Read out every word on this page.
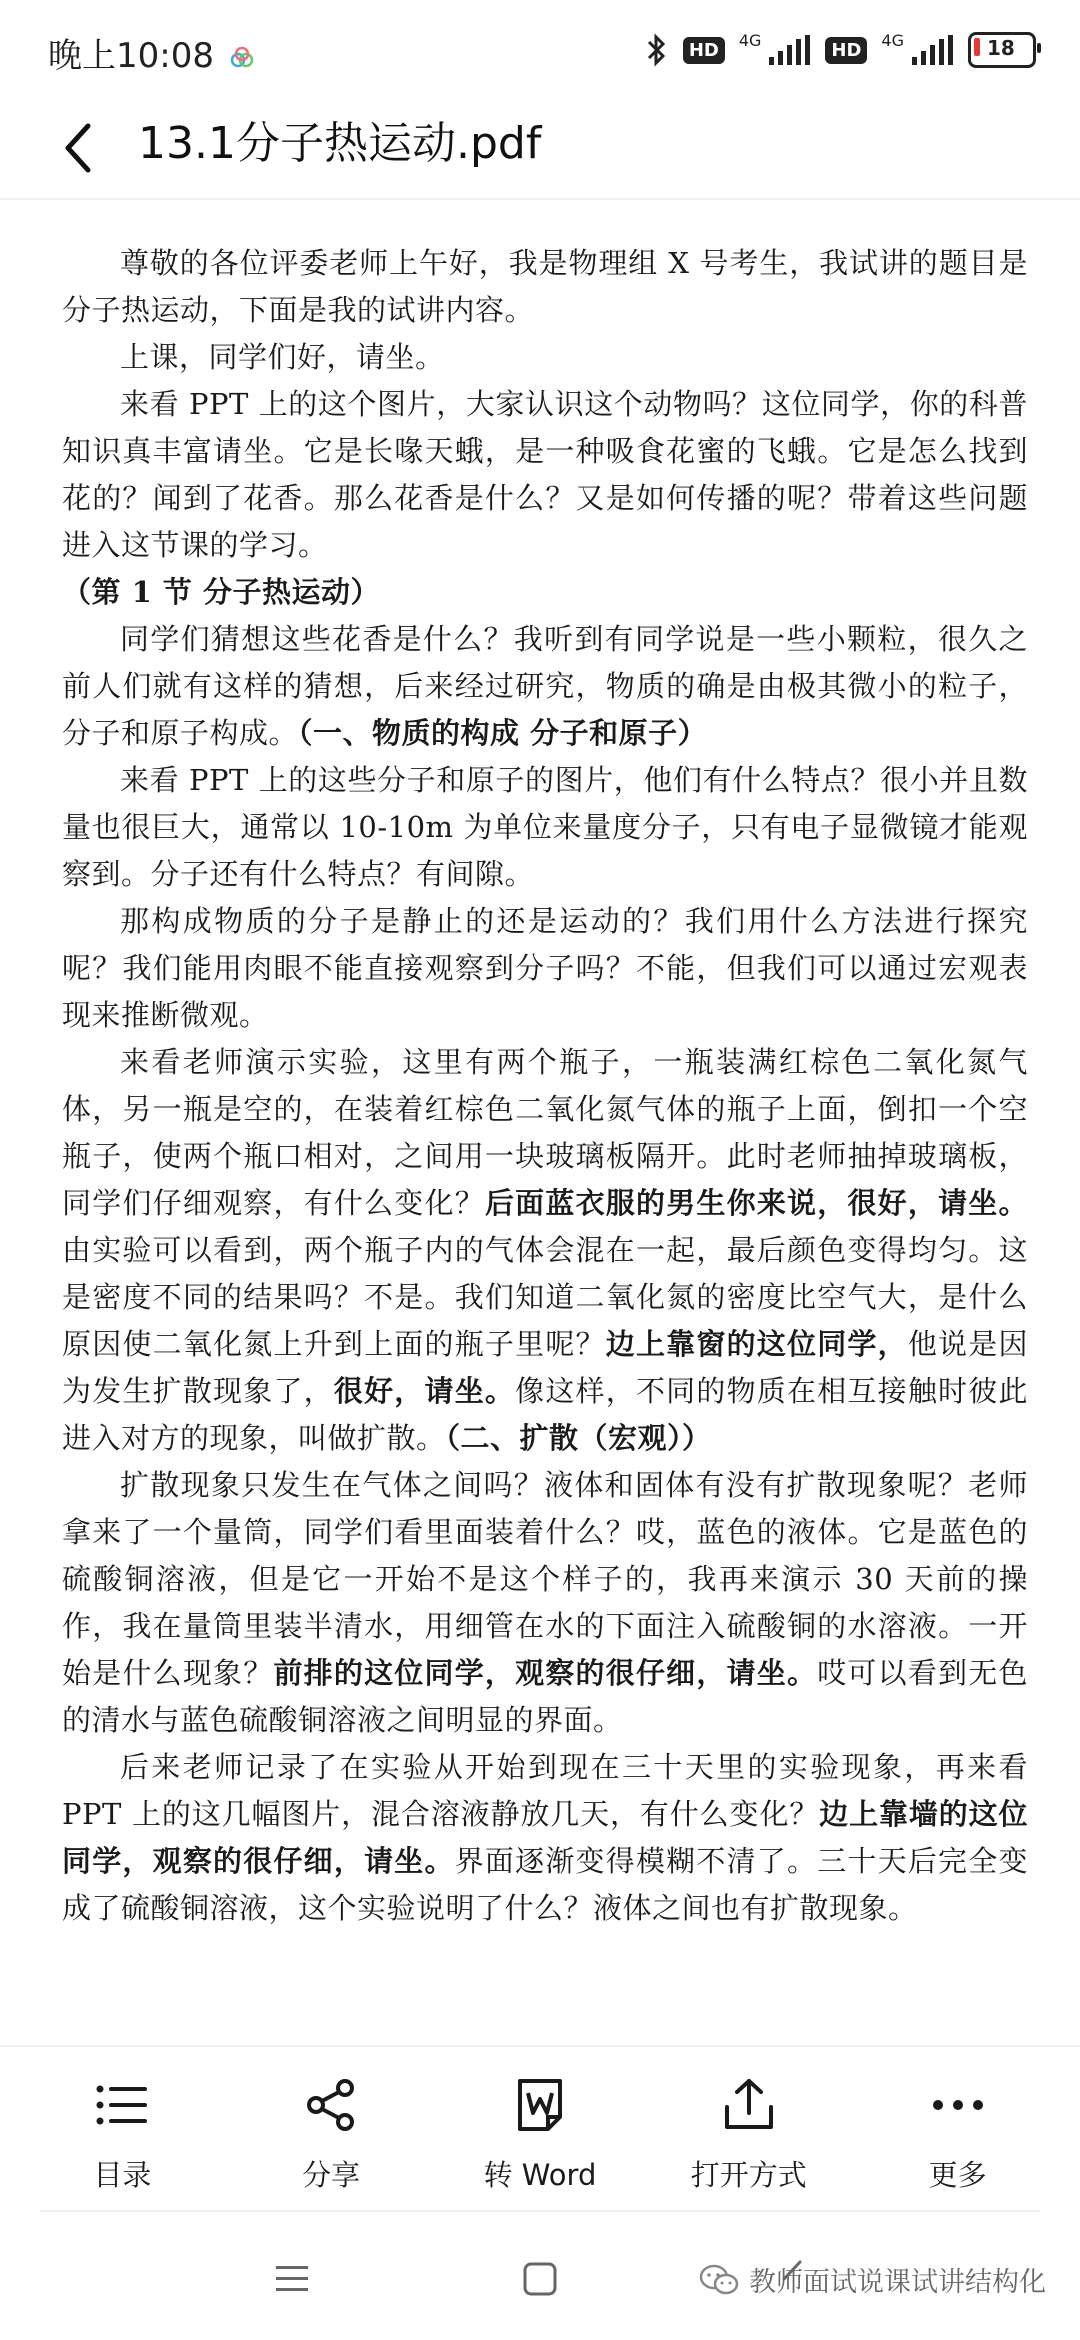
晚上10:08	HD	4G	HD	4G	18
13.1分子热运动.pdf

尊敬的各位评委老师上午好，我是物理组 X 号考生，我试讲的题目是分子热运动，下面是我的试讲内容。

上课，同学们好，请坐。

来看 PPT 上的这个图片，大家认识这个动物吗？这位同学，你的科普知识真丰富请坐。它是长喙天蛾，是一种吸食花蜜的飞蛾。它是怎么找到花的？闻到了花香。那么花香是什么？又是如何传播的呢？带着这些问题进入这节课的学习。

（第 1 节 分子热运动）

同学们猜想这些花香是什么？我听到有同学说是一些小颗粒，很久之前人们就有这样的猜想，后来经过研究，物质的确是由极其微小的粒子，分子和原子构成。（一、物质的构成 分子和原子）

来看 PPT 上的这些分子和原子的图片，他们有什么特点？很小并且数量也很巨大，通常以 10-10m 为单位来量度分子，只有电子显微镜才能观察到。分子还有什么特点？有间隙。

那构成物质的分子是静止的还是运动的？我们用什么方法进行探究呢？我们能用肉眼不能直接观察到分子吗？不能，但我们可以通过宏观表现来推断微观。

来看老师演示实验，这里有两个瓶子，一瓶装满红棕色二氧化氮气体，另一瓶是空的，在装着红棕色二氧化氮气体的瓶子上面，倒扣一个空瓶子，使两个瓶口相对，之间用一块玻璃板隔开。此时老师抽掉玻璃板，同学们仔细观察，有什么变化？后面蓝衣服的男生你来说，很好，请坐。由实验可以看到，两个瓶子内的气体会混在一起，最后颜色变得均匀。这是密度不同的结果吗？不是。我们知道二氧化氮的密度比空气大，是什么原因使二氧化氮上升到上面的瓶子里呢？边上靠窗的这位同学，他说是因为发生扩散现象了，很好，请坐。像这样，不同的物质在相互接触时彼此进入对方的现象，叫做扩散。（二、扩散（宏观））

扩散现象只发生在气体之间吗？液体和固体有没有扩散现象呢？老师拿来了一个量筒，同学们看里面装着什么？哎，蓝色的液体。它是蓝色的硫酸铜溶液，但是它一开始不是这个样子的，我再来演示 30 天前的操作，我在量筒里装半清水，用细管在水的下面注入硫酸铜的水溶液。一开始是什么现象？前排的这位同学，观察的很仔细，请坐。哎可以看到无色的清水与蓝色硫酸铜溶液之间明显的界面。

后来老师记录了在实验从开始到现在三十天里的实验现象，再来看 PPT 上的这几幅图片，混合溶液静放几天，有什么变化？边上靠墙的这位同学，观察的很仔细，请坐。界面逐渐变得模糊不清了。三十天后完全变成了硫酸铜溶液，这个实验说明了什么？液体之间也有扩散现象。

目录	分享	转 Word	打开方式	更多
教师面试说课试讲结构化
